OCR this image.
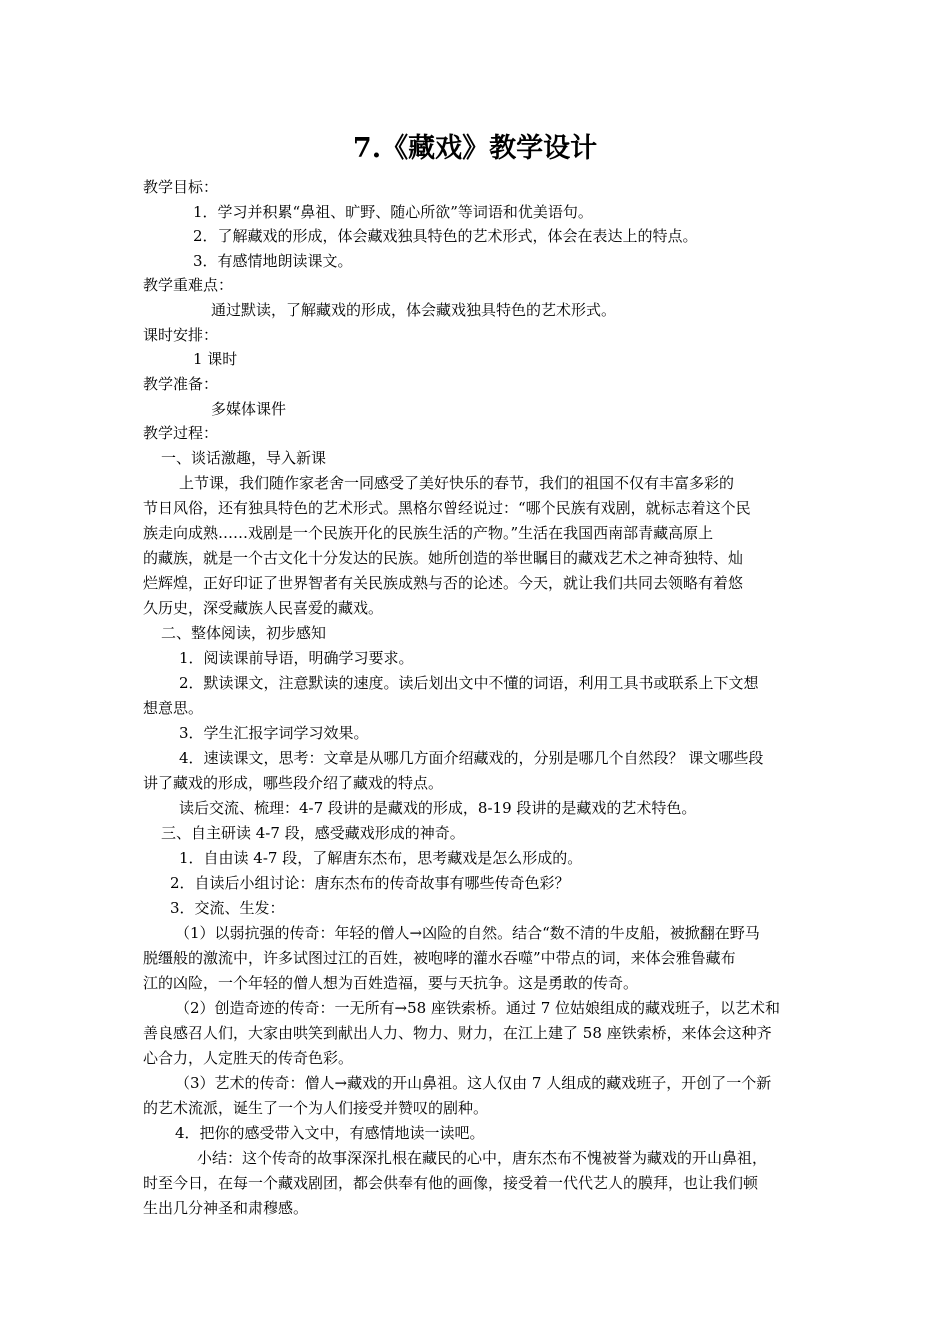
7.《藏戏》教学设计
教学目标：
1．学习并积累“鼻祖、旷野、随心所欲”等词语和优美语句。
2．了解藏戏的形成，体会藏戏独具特色的艺术形式，体会在表达上的特点。
3．有感情地朗读课文。
教学重难点：
通过默读，了解藏戏的形成，体会藏戏独具特色的艺术形式。
课时安排：
1 课时
教学准备：
多媒体课件
教学过程：
一、谈话激趣，导入新课
上节课，我们随作家老舍一同感受了美好快乐的春节，我们的祖国不仅有丰富多彩的
节日风俗，还有独具特色的艺术形式。黑格尔曾经说过：“哪个民族有戏剧，就标志着这个民
族走向成熟……戏剧是一个民族开化的民族生活的产物。”生活在我国西南部青藏高原上
的藏族，就是一个古文化十分发达的民族。她所创造的举世瞩目的藏戏艺术之神奇独特、灿
烂辉煌，正好印证了世界智者有关民族成熟与否的论述。今天，就让我们共同去领略有着悠
久历史，深受藏族人民喜爱的藏戏。
二、整体阅读，初步感知
1．阅读课前导语，明确学习要求。
2．默读课文，注意默读的速度。读后划出文中不懂的词语，利用工具书或联系上下文想
想意思。
3．学生汇报字词学习效果。
4．速读课文，思考：文章是从哪几方面介绍藏戏的，分别是哪几个自然段？ 课文哪些段
讲了藏戏的形成，哪些段介绍了藏戏的特点。
读后交流、梳理：4-7 段讲的是藏戏的形成，8-19 段讲的是藏戏的艺术特色。
三、自主研读 4-7 段，感受藏戏形成的神奇。
1．自由读 4-7 段，了解唐东杰布，思考藏戏是怎么形成的。
2．自读后小组讨论：唐东杰布的传奇故事有哪些传奇色彩？
3．交流、生发：
（1）以弱抗强的传奇：年轻的僧人→凶险的自然。结合“数不清的牛皮船，被掀翻在野马
脱缰般的激流中，许多试图过江的百姓，被咆哮的灌水吞噬”中带点的词，来体会雅鲁藏布
江的凶险，一个年轻的僧人想为百姓造福，要与天抗争。这是勇敢的传奇。
（2）创造奇迹的传奇：一无所有→58 座铁索桥。通过 7 位姑娘组成的藏戏班子，以艺术和
善良感召人们，大家由哄笑到献出人力、物力、财力，在江上建了 58 座铁索桥，来体会这种齐
心合力，人定胜天的传奇色彩。
（3）艺术的传奇：僧人→藏戏的开山鼻祖。这人仅由 7 人组成的藏戏班子，开创了一个新
的艺术流派，诞生了一个为人们接受并赞叹的剧种。
4．把你的感受带入文中，有感情地读一读吧。
小结：这个传奇的故事深深扎根在藏民的心中，唐东杰布不愧被誉为藏戏的开山鼻祖，
时至今日，在每一个藏戏剧团，都会供奉有他的画像，接受着一代代艺人的膜拜，也让我们顿
生出几分神圣和肃穆感。
